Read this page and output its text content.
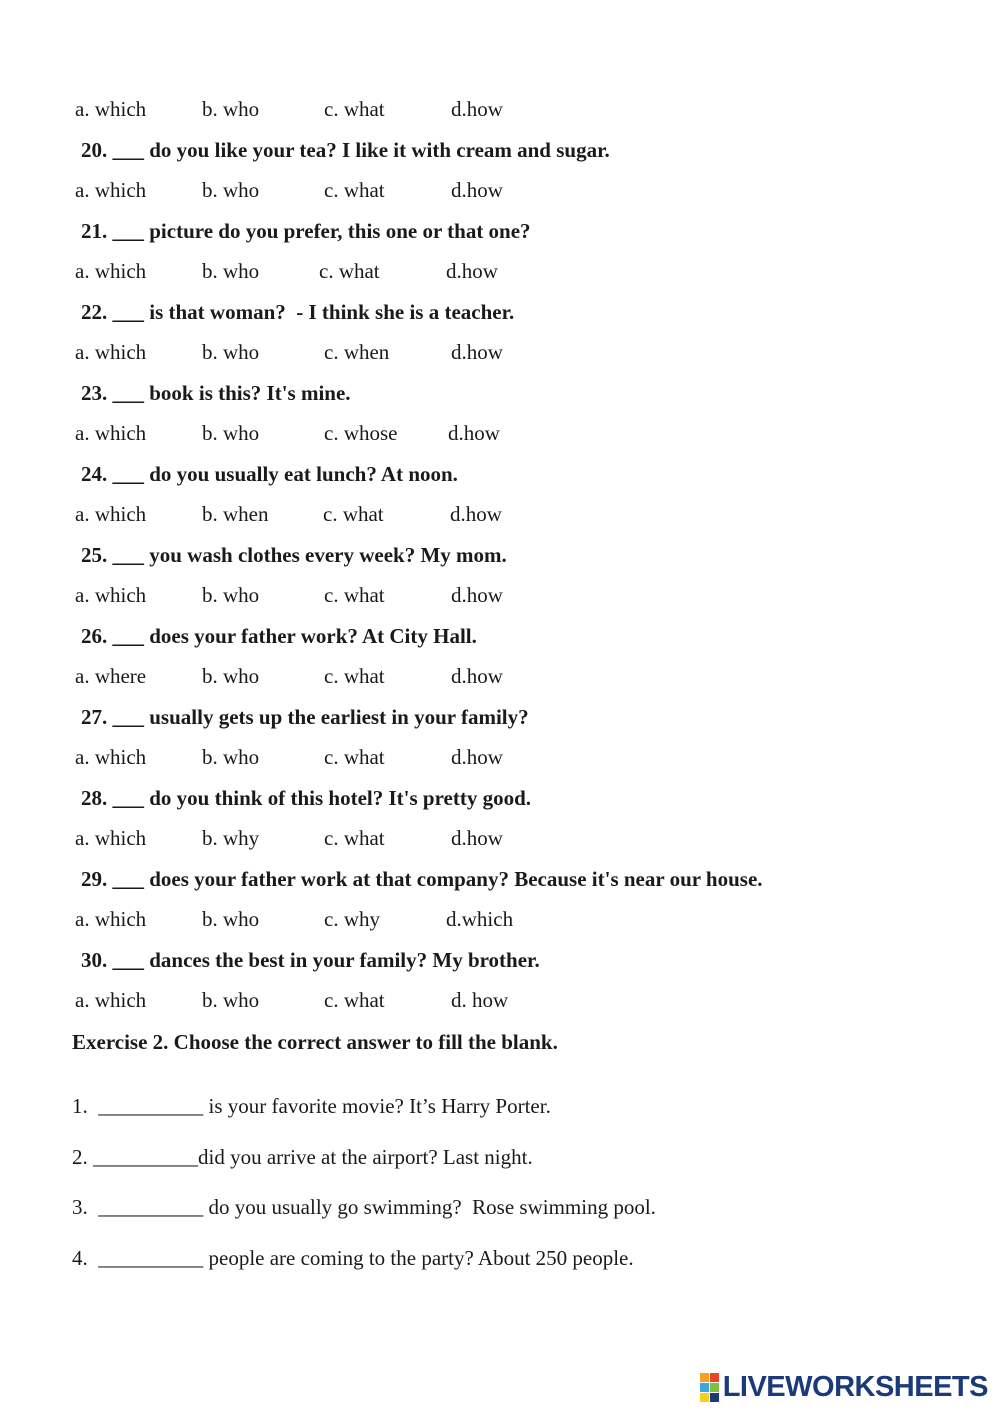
a. which	b. who	c. what	d.how
20. ___ do you like your tea? I like it with cream and sugar.
a. which	b. who	c. what	d.how
21. ___ picture do you prefer, this one or that one?
a. which	b. who	c. what	d.how
22. ___ is that woman?  - I think she is a teacher.
a. which	b. who	c. when	d.how
23. ___ book is this? It's mine.
a. which	b. who	c. whose d.how
24. ___ do you usually eat lunch? At noon.
a. which	b. when	c. what	d.how
25. ___ you wash clothes every week? My mom.
a. which	b. who	c. what	d.how
26. ___ does your father work? At City Hall.
a. where	b. who	c. what	d.how
27. ___ usually gets up the earliest in your family?
a. which	b. who	c. what	d.how
28. ___ do you think of this hotel? It's pretty good.
a. which	b. why	c. what	d.how
29. ___ does your father work at that company? Because it's near our house.
a. which	b. who	c. why	d.which
30. ___ dances the best in your family? My brother.
a. which	b. who	c. what	d. how
Exercise 2. Choose the correct answer to fill the blank.
1.  __________ is your favorite movie? It’s Harry Porter.
2. __________did you arrive at the airport? Last night.
3.  __________ do you usually go swimming?  Rose swimming pool.
4.  __________ people are coming to the party? About 250 people.
LIVEWORKSHEETS
